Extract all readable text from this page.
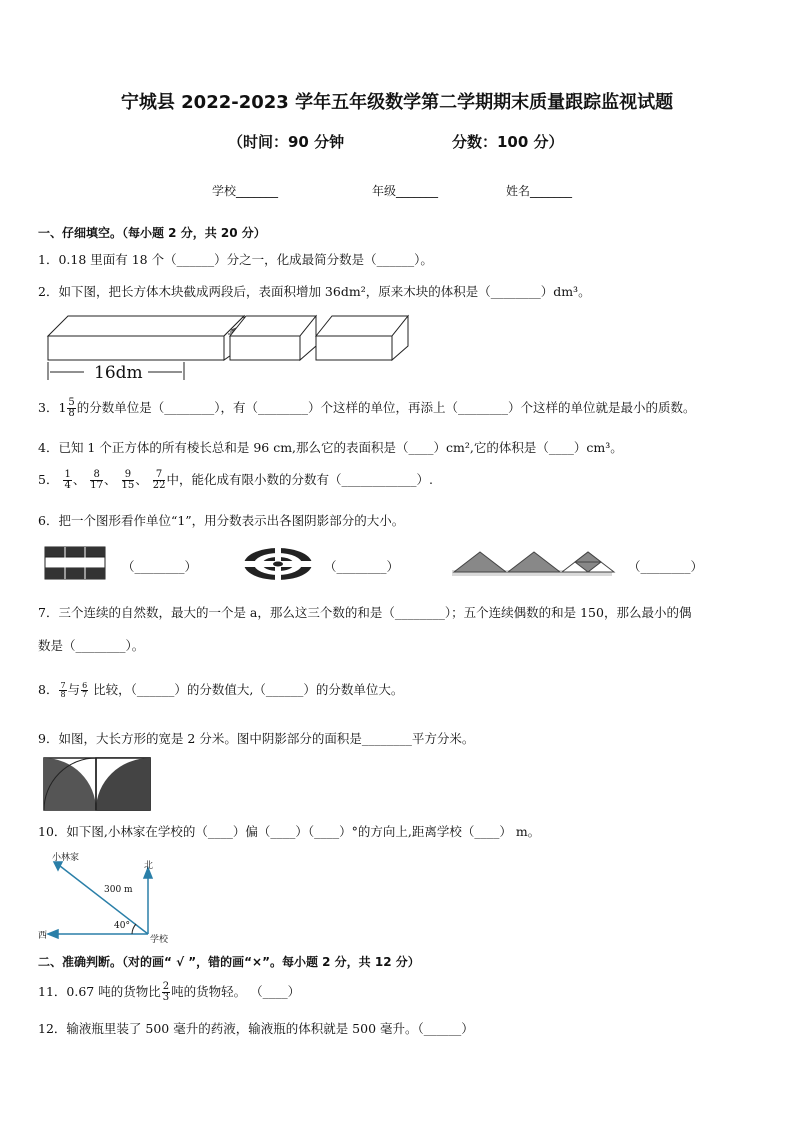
宁城县 2022-2023 学年五年级数学第二学期期末质量跟踪监视试题
（时间：90 分钟	分数：100 分）
学校_______	年级_______	姓名_______
一、仔细填空。（每小题 2 分，共 20 分）
1．0.18 里面有 18 个（______）分之一，化成最简分数是（______）。
2．如下图，把长方体木块截成两段后，表面积增加 36dm²，原来木块的体积是（________）dm³。
16dm
3．$1 \frac{5}{8}$ 的分数单位是（________），有（________）个这样的单位，再添上（________）个这样的单位就是最小的质数。
4．已知 1 个正方体的所有棱长总和是 96 cm,那么它的表面积是（____）cm²,它的体积是（____）cm³。
5． $\frac{1}{4}$ 、 $\frac{8}{17}$ 、 $\frac{9}{15}$ 、 $\frac{7}{22}$ 中，能化成有限小数的分数有（____________）.
6．把一个图形看作单位“1”，用分数表示出各图阴影部分的大小。
（________）	（________）	（________）
7．三个连续的自然数，最大的一个是 a，那么这三个数的和是（________）；五个连续偶数的和是 150，那么最小的偶
数是（________）。
8． $\frac{7}{8}$ 与 $\frac{6}{7}$ 比较，（______）的分数值大,（______）的分数单位大。
9．如图，大长方形的宽是 2 分米。图中阴影部分的面积是________平方分米。
10．如下图,小林家在学校的（____）偏（____）（____）°的方向上,距离学校（____） m。
小林家
北
西	学校
300 m
40°
二、准确判断。（对的画“ √ ”，错的画“×”。每小题 2 分，共 12 分）
11．0.67 吨的货物比 $\frac{2}{3}$ 吨的货物轻。 （____）
12．输液瓶里装了 500 毫升的药液，输液瓶的体积就是 500 毫升。（______）
